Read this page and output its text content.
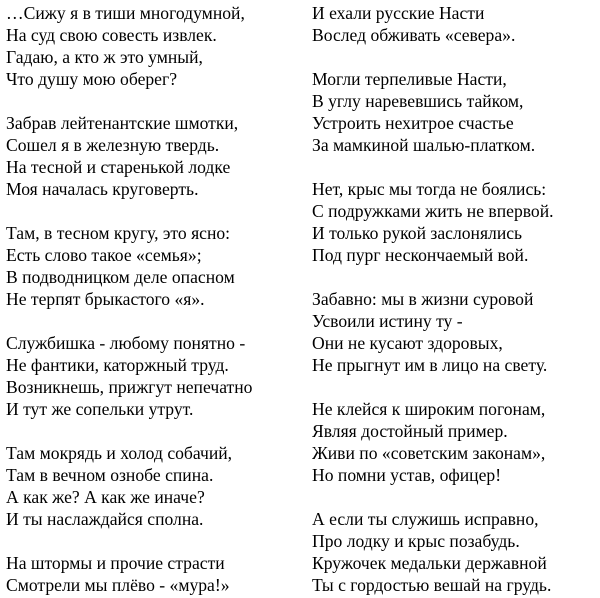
…Сижу я в тиши многодумной,
На суд свою совесть извлек.
Гадаю, а кто ж это умный,
Что душу мою оберег?
Забрав лейтенантские шмотки,
Сошел я в железную твердь.
На тесной и старенькой лодке
Моя началась круговерть.
Там, в тесном кругу, это ясно:
Есть слово такое «семья»;
В подводницком деле опасном
Не терпят брыкастого «я».
Службишка - любому понятно -
Не фантики, каторжный труд.
Возникнешь, прижгут непечатно
И тут же сопельки утрут.
Там мокрядь и холод собачий,
Там в вечном ознобе спина.
А как же? А как же иначе?
И ты наслаждайся сполна.
На штормы и прочие страсти
Смотрели мы плёво - «мура!»
И ехали русские Насти
Вослед обживать «севера».
Могли терпеливые Насти,
В углу наревевшись тайком,
Устроить нехитрое счастье
За мамкиной шалью-платком.
Нет, крыс мы тогда не боялись:
С подружками жить не впервой.
И только рукой заслонялись
Под пург нескончаемый вой.
Забавно: мы в жизни суровой
Усвоили истину ту -
Они не кусают здоровых,
Не прыгнут им в лицо на свету.
Не клейся к широким погонам,
Являя достойный пример.
Живи по «советским законам»,
Но помни устав, офицер!
А если ты служишь исправно,
Про лодку и крыс позабудь.
Кружочек медальки державной
Ты с гордостью вешай на грудь.
